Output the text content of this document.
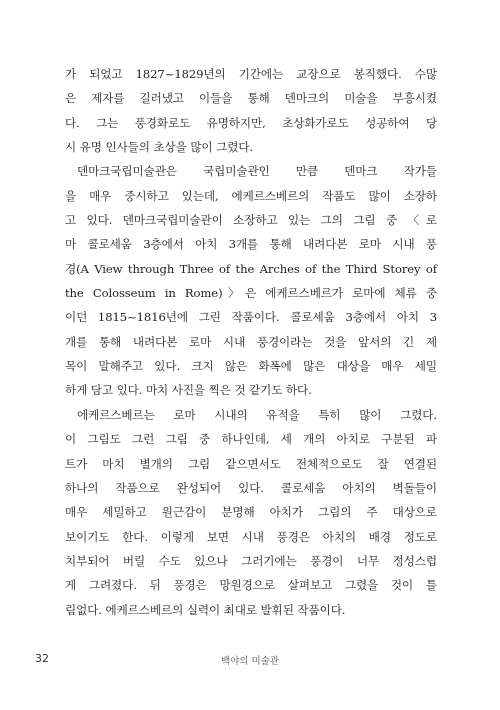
가 되었고 1827~1829년의 기간에는 교장으로 봉직했다. 수많
은 제자를 길러냈고 이들을 통해 덴마크의 미술을 부흥시켰
다. 그는 풍경화로도 유명하지만, 초상화가로도 성공하여 당
시 유명 인사들의 초상을 많이 그렸다.
덴마크국립미술관은 국립미술관인 만큼 덴마크 작가들
을 매우 중시하고 있는데, 에케르스베르의 작품도 많이 소장하
고 있다. 덴마크국립미술관이 소장하고 있는 그의 그림 중 〈로
마 콜로세움 3층에서 아치 3개를 통해 내려다본 로마 시내 풍
경(A View through Three of the Arches of the Third Storey of
the Colosseum in Rome)〉은 에케르스베르가 로마에 체류 중
이던 1815~1816년에 그린 작품이다. 콜로세움 3층에서 아치 3
개를 통해 내려다본 로마 시내 풍경이라는 것을 앞서의 긴 제
목이 말해주고 있다. 크지 않은 화폭에 많은 대상을 매우 세밀
하게 담고 있다. 마치 사진을 찍은 것 같기도 하다.
에케르스베르는 로마 시내의 유적을 특히 많이 그렸다.
이 그림도 그런 그림 중 하나인데, 세 개의 아치로 구분된 파
트가 마치 별개의 그림 같으면서도 전체적으로도 잘 연결된
하나의 작품으로 완성되어 있다. 콜로세움 아치의 벽돌들이
매우 세밀하고 원근감이 분명해 아치가 그림의 주 대상으로
보이기도 한다. 이렇게 보면 시내 풍경은 아치의 배경 정도로
치부되어 버릴 수도 있으나 그러기에는 풍경이 너무 정성스럽
게 그려졌다. 뒤 풍경은 망원경으로 살펴보고 그렸을 것이 틀
림없다. 에케르스베르의 실력이 최대로 발휘된 작품이다.
32	백야의 미술관
